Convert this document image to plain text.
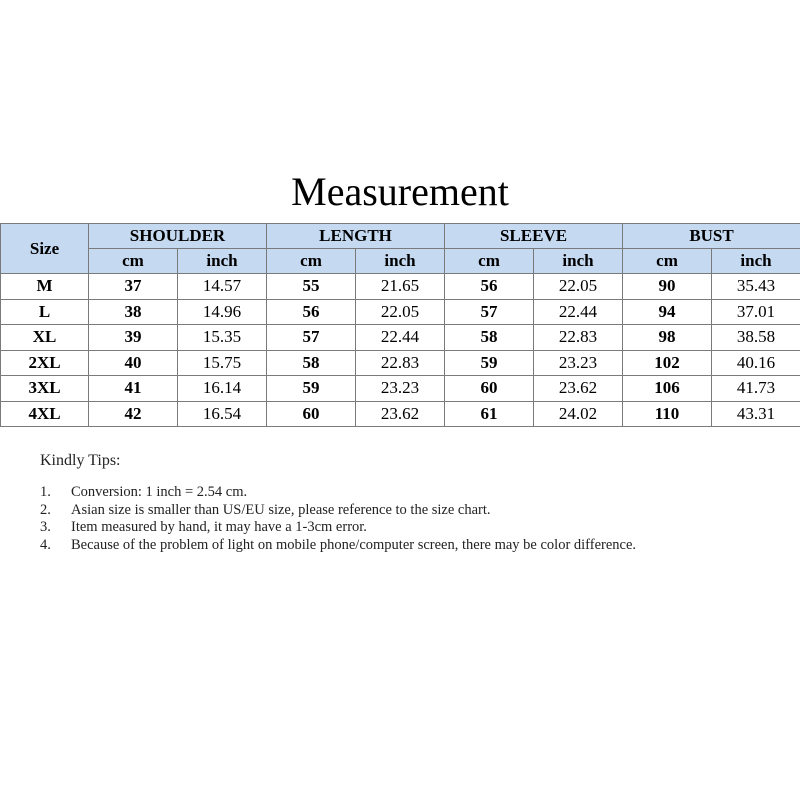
Measurement
Size	SHOULDER		LENGTH		SLEEVE		BUST	
	cm	inch	cm	inch	cm	inch	cm	inch
M	37	14.57	55	21.65	56	22.05	90	35.43
L	38	14.96	56	22.05	57	22.44	94	37.01
XL	39	15.35	57	22.44	58	22.83	98	38.58
2XL	40	15.75	58	22.83	59	23.23	102	40.16
3XL	41	16.14	59	23.23	60	23.62	106	41.73
4XL	42	16.54	60	23.62	61	24.02	110	43.31
Kindly Tips:
1.	Conversion: 1 inch = 2.54 cm.
2.	Asian size is smaller than US/EU size, please reference to the size chart.
3.	Item measured by hand, it may have a 1-3cm error.
4.	Because of the problem of light on mobile phone/computer screen, there may be color difference.
